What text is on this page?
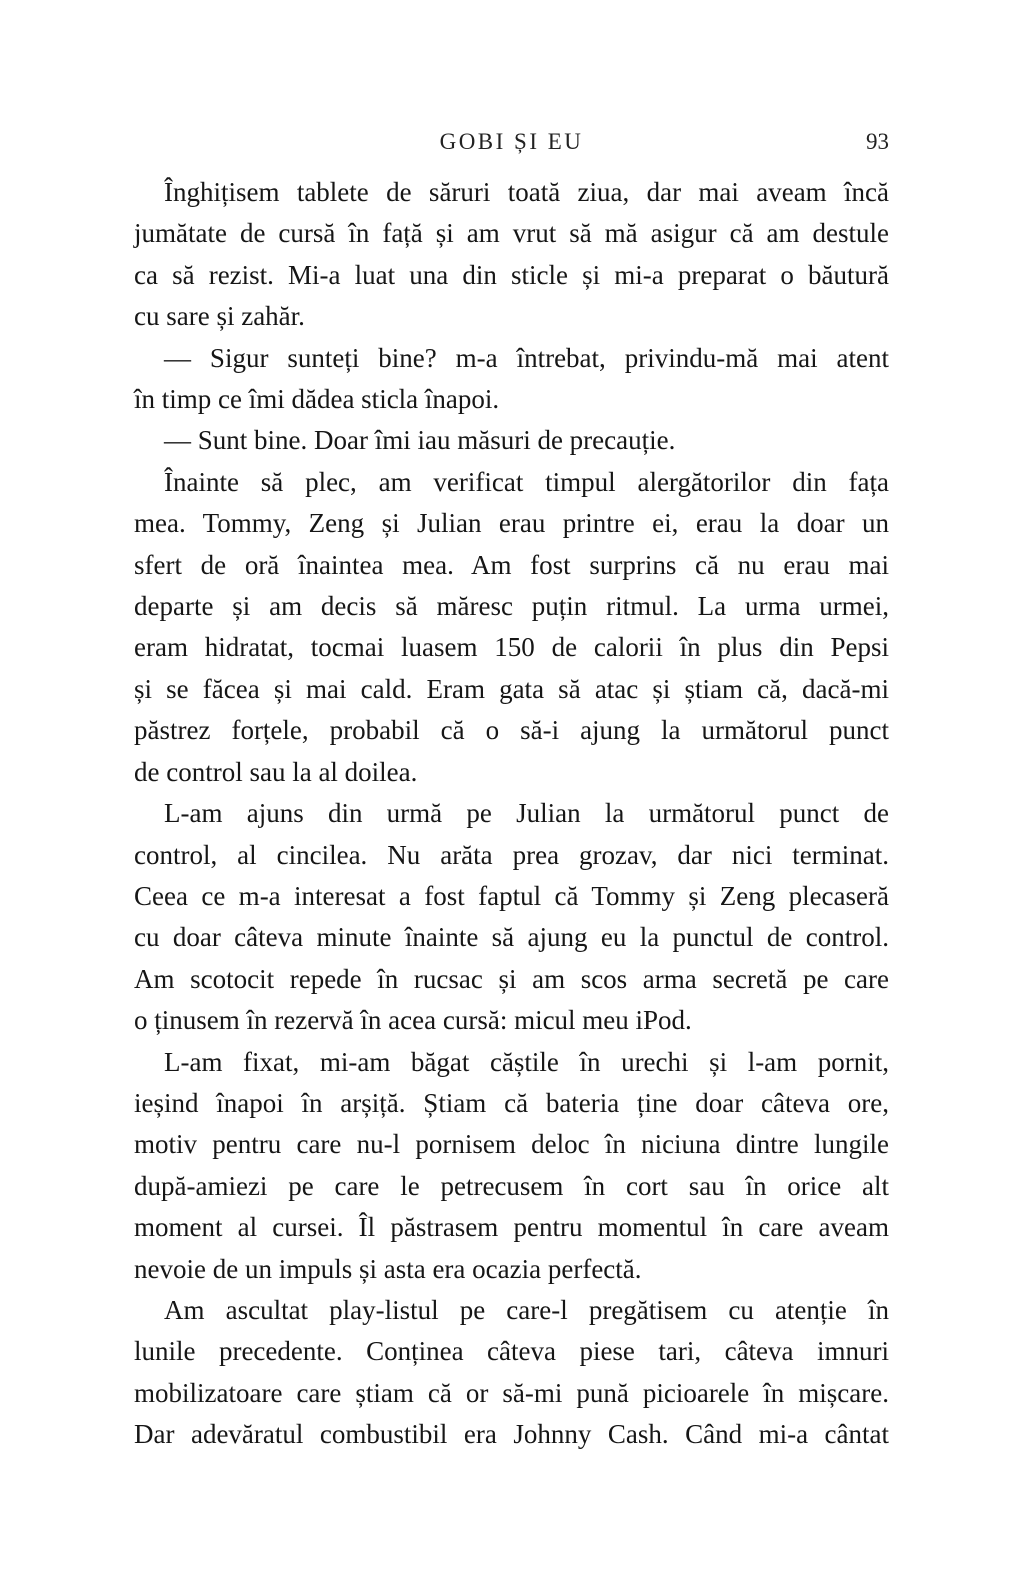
GOBI ȘI EU	93
Înghițisem tablete de săruri toată ziua, dar mai aveam încă
jumătate de cursă în față și am vrut să mă asigur că am destule
ca să rezist. Mi-a luat una din sticle și mi-a preparat o băutură
cu sare și zahăr.
— Sigur sunteți bine? m-a întrebat, privindu-mă mai atent
în timp ce îmi dădea sticla înapoi.
— Sunt bine. Doar îmi iau măsuri de precauție.
Înainte să plec, am verificat timpul alergătorilor din fața
mea. Tommy, Zeng și Julian erau printre ei, erau la doar un
sfert de oră înaintea mea. Am fost surprins că nu erau mai
departe și am decis să măresc puțin ritmul. La urma urmei,
eram hidratat, tocmai luasem 150 de calorii în plus din Pepsi
și se făcea și mai cald. Eram gata să atac și știam că, dacă-mi
păstrez forțele, probabil că o să-i ajung la următorul punct
de control sau la al doilea.
L-am ajuns din urmă pe Julian la următorul punct de
control, al cincilea. Nu arăta prea grozav, dar nici terminat.
Ceea ce m-a interesat a fost faptul că Tommy și Zeng plecaseră
cu doar câteva minute înainte să ajung eu la punctul de control.
Am scotocit repede în rucsac și am scos arma secretă pe care
o ținusem în rezervă în acea cursă: micul meu iPod.
L-am fixat, mi-am băgat căștile în urechi și l-am pornit,
ieșind înapoi în arșiță. Știam că bateria ține doar câteva ore,
motiv pentru care nu-l pornisem deloc în niciuna dintre lungile
după-amiezi pe care le petrecusem în cort sau în orice alt
moment al cursei. Îl păstrasem pentru momentul în care aveam
nevoie de un impuls și asta era ocazia perfectă.
Am ascultat play-listul pe care-l pregătisem cu atenție în
lunile precedente. Conținea câteva piese tari, câteva imnuri
mobilizatoare care știam că or să-mi pună picioarele în mișcare.
Dar adevăratul combustibil era Johnny Cash. Când mi-a cântat
